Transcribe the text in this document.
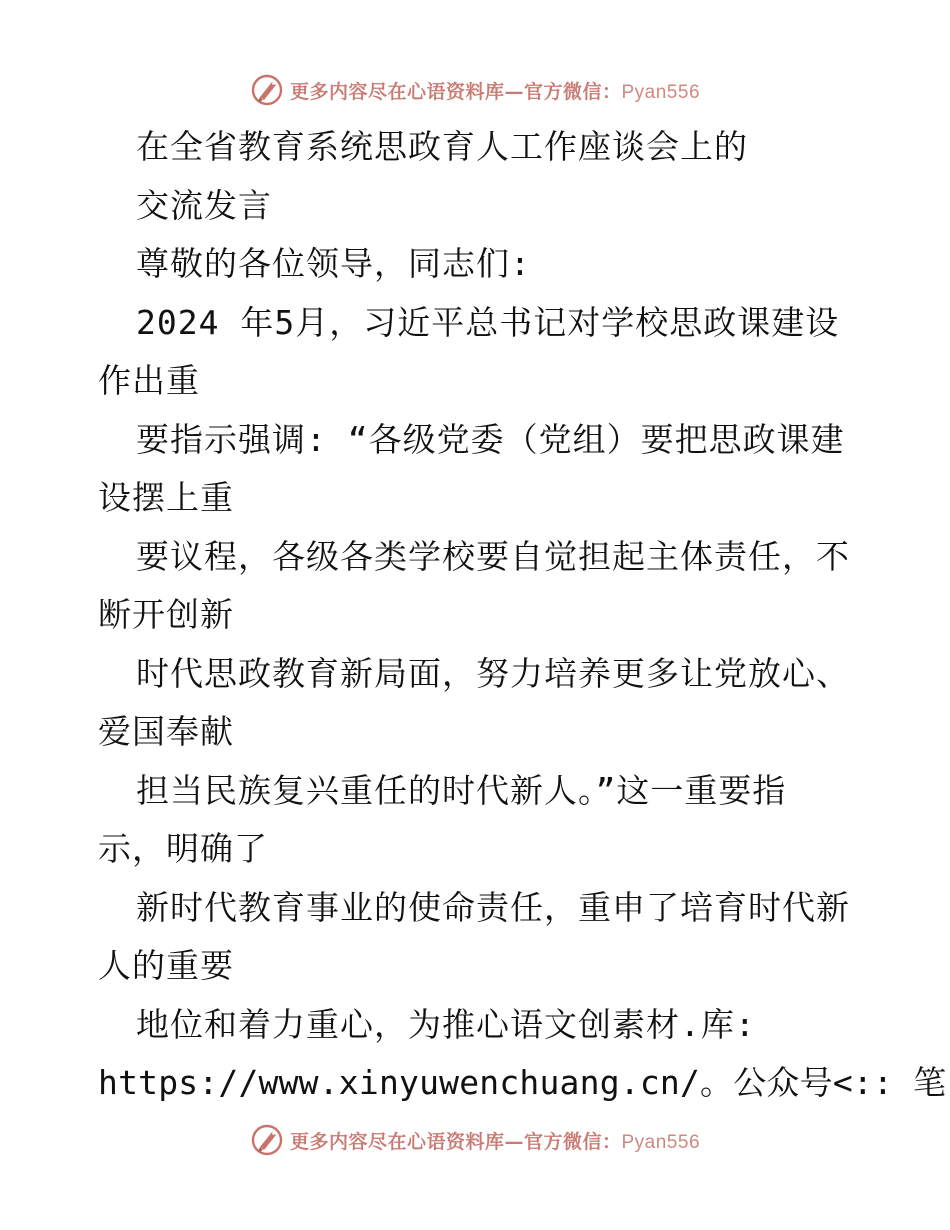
更多内容尽在心语资料库—官方微信：Pyan556
在全省教育系统思政育人工作座谈会上的
交流发言
尊敬的各位领导，同志们:
2024 年5月，习近平总书记对学校思政课建设
作出重
要指示强调: “各级党委（党组）要把思政课建
设摆上重
要议程，各级各类学校要自觉担起主体责任，不
断开创新
时代思政教育新局面，努力培养更多让党放心、
爱国奉献
担当民族复兴重任的时代新人。”这一重要指
示，明确了
新时代教育事业的使命责任，重申了培育时代新
人的重要
地位和着力重心，为推心语文创素材.库:
https://www.xinyuwenchuang.cn/。公众号<:: 笔
更多内容尽在心语资料库—官方微信：Pyan556
